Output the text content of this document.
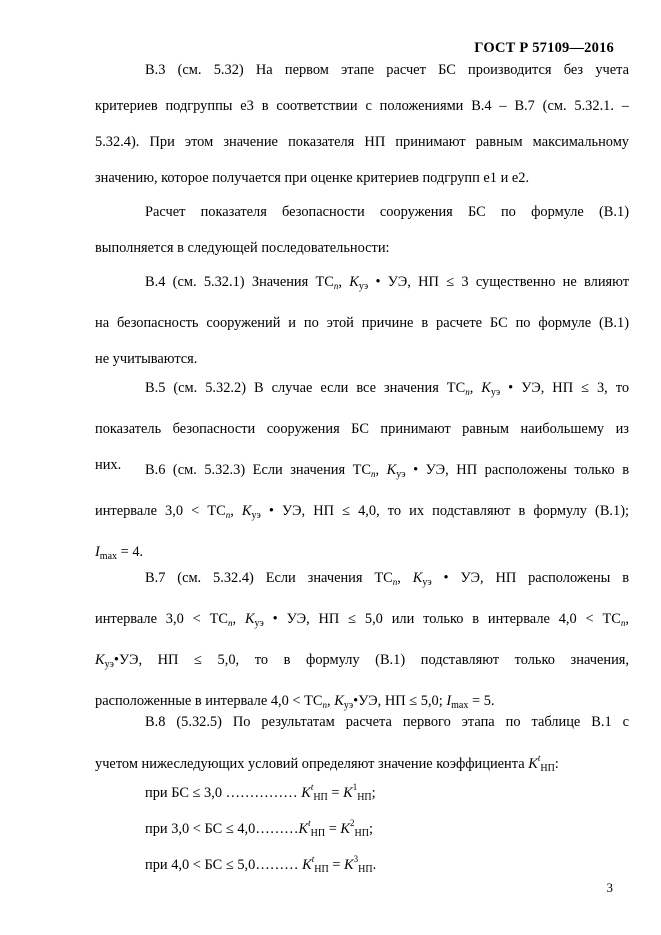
ГОСТ Р 57109—2016
В.3 (см. 5.32) На первом этапе расчет БС производится без учета
критериев подгруппы е3 в соответствии с положениями В.4 – В.7 (см. 5.32.1. –
5.32.4). При этом значение показателя НП принимают равным максимальному
значению, которое получается при оценке критериев подгрупп е1 и е2.
Расчет показателя безопасности сооружения БС по формуле (В.1)
выполняется в следующей последовательности:
В.4 (см. 5.32.1) Значения $ТС_n$, $K_{уэ}$ • УЭ, НП ≤ 3 существенно не влияют
на безопасность сооружений и по этой причине в расчете БС по формуле (В.1)
не учитываются.
В.5 (см. 5.32.2) В случае если все значения $ТС_n$, $K_{уэ}$ • УЭ, НП ≤ 3, то
показатель безопасности сооружения БС принимают равным наибольшему из
них.	В.6 (см. 5.32.3) Если значения $ТС_n$, $K_{уэ}$ • УЭ, НП расположены только в
интервале $3,0 < ТС_n$, $K_{уэ}$ • УЭ, НП ≤ 4,0, то их подставляют в формулу (В.1);
$I_{max} = 4$.
В.7 (см. 5.32.4) Если значения $ТС_n$, $K_{уэ}$ • УЭ, НП расположены в
интервале $3,0 < ТС_n$, $K_{уэ}$ • УЭ, НП ≤ 5,0 или только в интервале $4,0 < ТС_n$,
$K_{уэ}•УЭ$, НП ≤ 5,0, то в формулу (В.1) подставляют только значения,
расположенные в интервале $4,0 < ТС_n$, $K_{уэ}•УЭ$, НП ≤ 5,0; $I_{max} = 5$.
В.8 (5.32.5) По результатам расчета первого этапа по таблице В.1 с
учетом нижеследующих условий определяют значение коэффициента $K^t_{НП}$:
при БС ≤ 3,0 …………… $K^t_{НП} = K^1_{НП}$;
при 3,0 < БС ≤ $4,0\dots\dots\dots K^t_{НП} = K^2_{НП}$;
при 4,0 < БС ≤ 5,0……… $K^t_{НП} = K^3_{НП}$.
3
